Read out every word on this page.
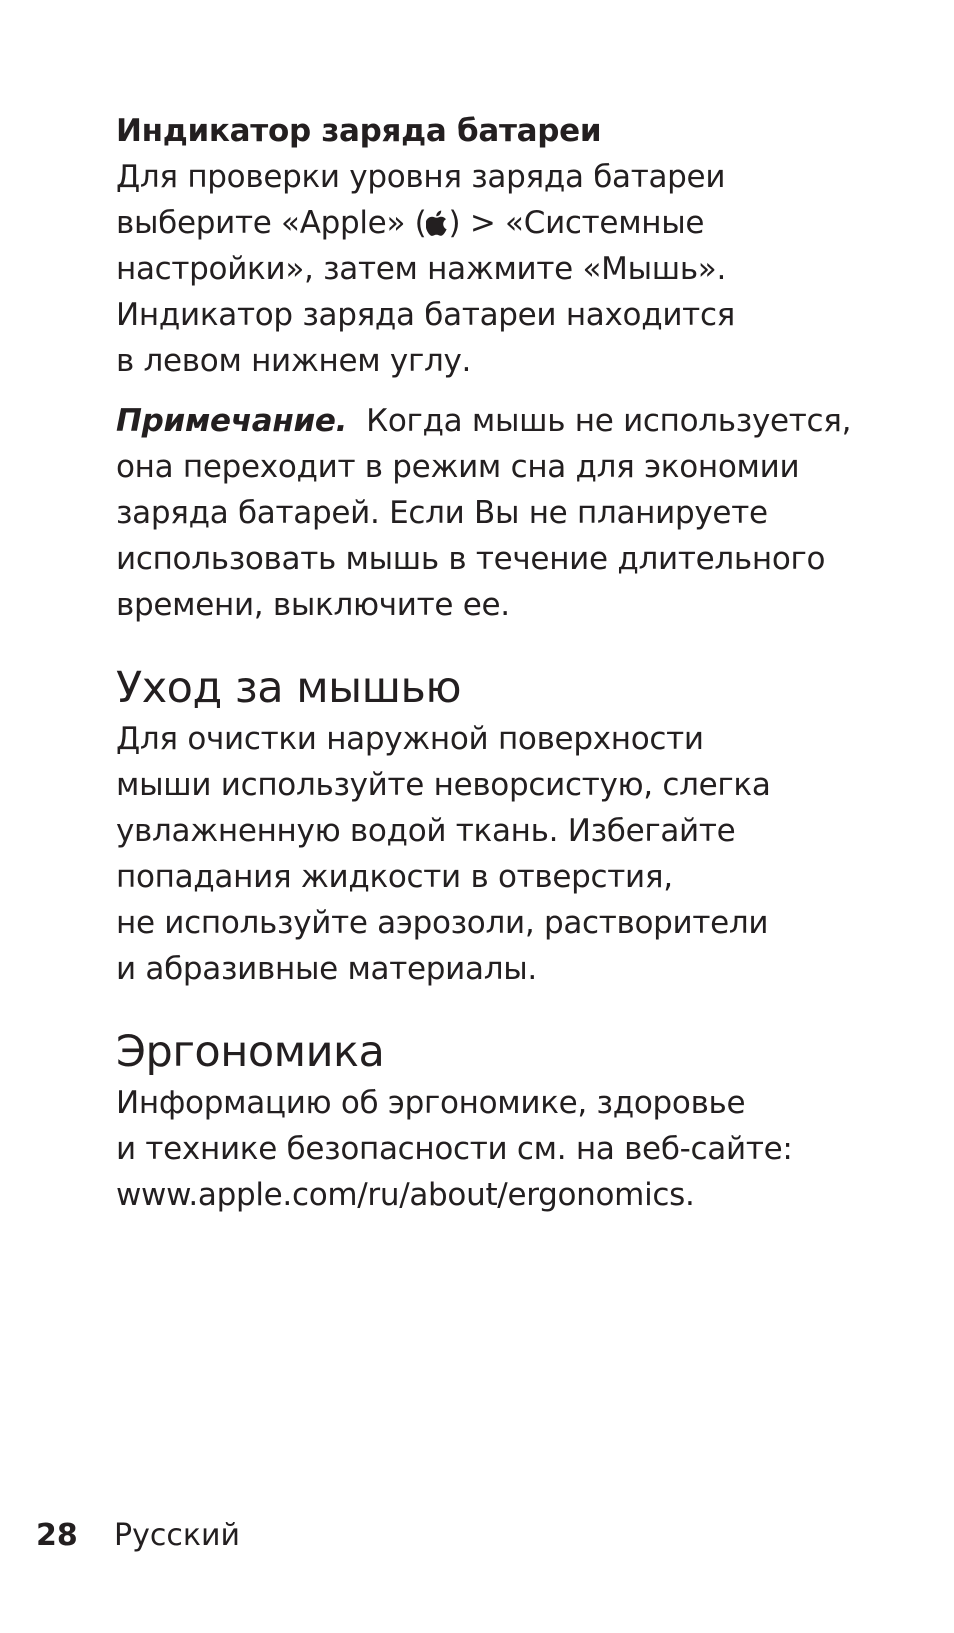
Индикатор заряда батареи
Для проверки уровня заряда батареи
выберите «Apple» ( ) > «Системные
настройки», затем нажмите «Мышь».
Индикатор заряда батареи находится
в левом нижнем углу.
Примечание.  Когда мышь не используется,
она переходит в режим сна для экономии
заряда батарей. Если Вы не планируете
использовать мышь в течение длительного
времени, выключите ее.
Уход за мышью
Для очистки наружной поверхности
мыши используйте неворсистую, слегка
увлажненную водой ткань. Избегайте
попадания жидкости в отверстия,
не используйте аэрозоли, растворители
и абразивные материалы.
Эргономика
Информацию об эргономике, здоровье
и технике безопасности см. на веб-сайте:
www.apple.com/ru/about/ergonomics.
28 Русский
